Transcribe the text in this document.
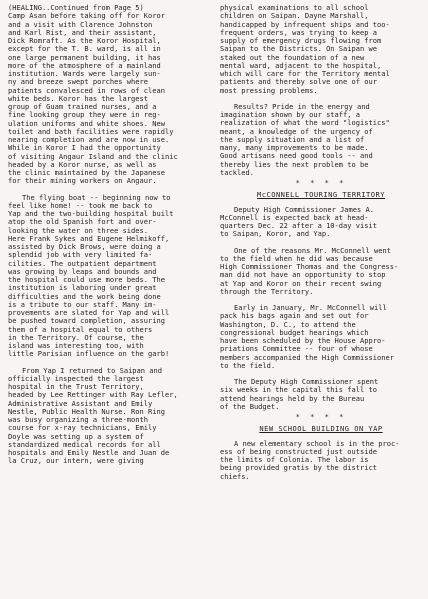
(HEALING..Continued from Page 5)
Camp Asan before taking off for Koror
and a visit with Clarence Johnston
and Karl Rist, and their assistant,
Dick Romraft. As the Koror Hospital,
except for the T. B. ward, is all in
one large permanent building, it has
more of the atmosphere of a mainland
institution. Wards were largely sun-
ny and breeze swept porches where
patients convalesced in rows of clean
white beds. Koror has the largest
group of Guam trained nurses, and a
fine looking group they were in reg-
ulation uniforms and white shoes. New
toilet and bath facilities were rapidly
nearing completion and are now in use.
While in Koror I had the opportunity
of visiting Angaur Island and the clinic
headed by a Koror nurse, as well as
the clinic maintained by the Japanese
for their mining workers on Angaur.
The flying boat -- beginning now to
feel like home! -- took me back to
Yap and the two-building hospital built
atop the old Spanish fort and over-
looking the water on three sides.
Here Frank Sykes and Eugene Helmikoff,
assisted by Dick Brows, were doing a
splendid job with very limited fa-
cilities. The outpatient department
was growing by leaps and bounds and
the hospital could use more beds. The
institution is laboring under great
difficulties and the work being done
is a tribute to our staff. Many im-
provements are slated for Yap and will
be pushed toward completion, assuring
them of a hospital equal to others
in the Territory. Of course, the
island was interesting too, with
little Parisian influence on the garb!
From Yap I returned to Saipan and
officially inspected the largest
hospital in the Trust Territory,
headed by Lee Rettinger with Ray Lefler,
Administrative Assistant and Emily
Nestle, Public Health Nurse. Ron Ring
was busy organizing a three-month
course for x-ray technicians, Emily
Doyle was setting up a system of
standardized medical records for all
hospitals and Emily Nestle and Juan de
la Cruz, our intern, were giving
physical examinations to all school
children on Saipan. Dayne Marshall,
handicapped by infrequent ships and too-
frequent orders, was trying to keep a
supply of emergency drugs flowing from
Saipan to the Districts. On Saipan we
staked out the foundation of a new
mental ward, adjacent to the hospital,
which will care for the Territory mental
patients and thereby solve one of our
most pressing problems.
Results? Pride in the energy and
imagination shown by our staff, a
realization of what the word "logistics"
meant, a knowledge of the urgency of
the supply situation and a list of
many, many improvements to be made.
Good artisans need good tools -- and
thereby lies the next problem to be
tackled.

* * * *

McCONNELL TOURING TERRITORY

Deputy High Commissioner James A.
McConnell is expected back at head-
quarters Dec. 22 after a 10-day visit
to Saipan, Koror, and Yap.
One of the reasons Mr. McConnell went
to the field when he did was because
High Commissioner Thomas and the Congress-
man did not have an opportunity to stop
at Yap and Koror on their recent swing
through the Territory.
Early in January, Mr. McConnell will
pack his bags again and set out for
Washington, D. C., to attend the
congressional budget hearings which
have been scheduled by the House Appro-
priations Committee -- four of whose
members accompanied the High Commissioner
to the field.
The Deputy High Commissioner spent
six weeks in the capital this fall to
attend hearings held by the Bureau
of the Budget.

* * * *

NEW SCHOOL BUILDING ON YAP

A new elementary school is in the proc-
ess of being constructed just outside
the limits of Colonia. The labor is
being provided gratis by the district
chiefs.
